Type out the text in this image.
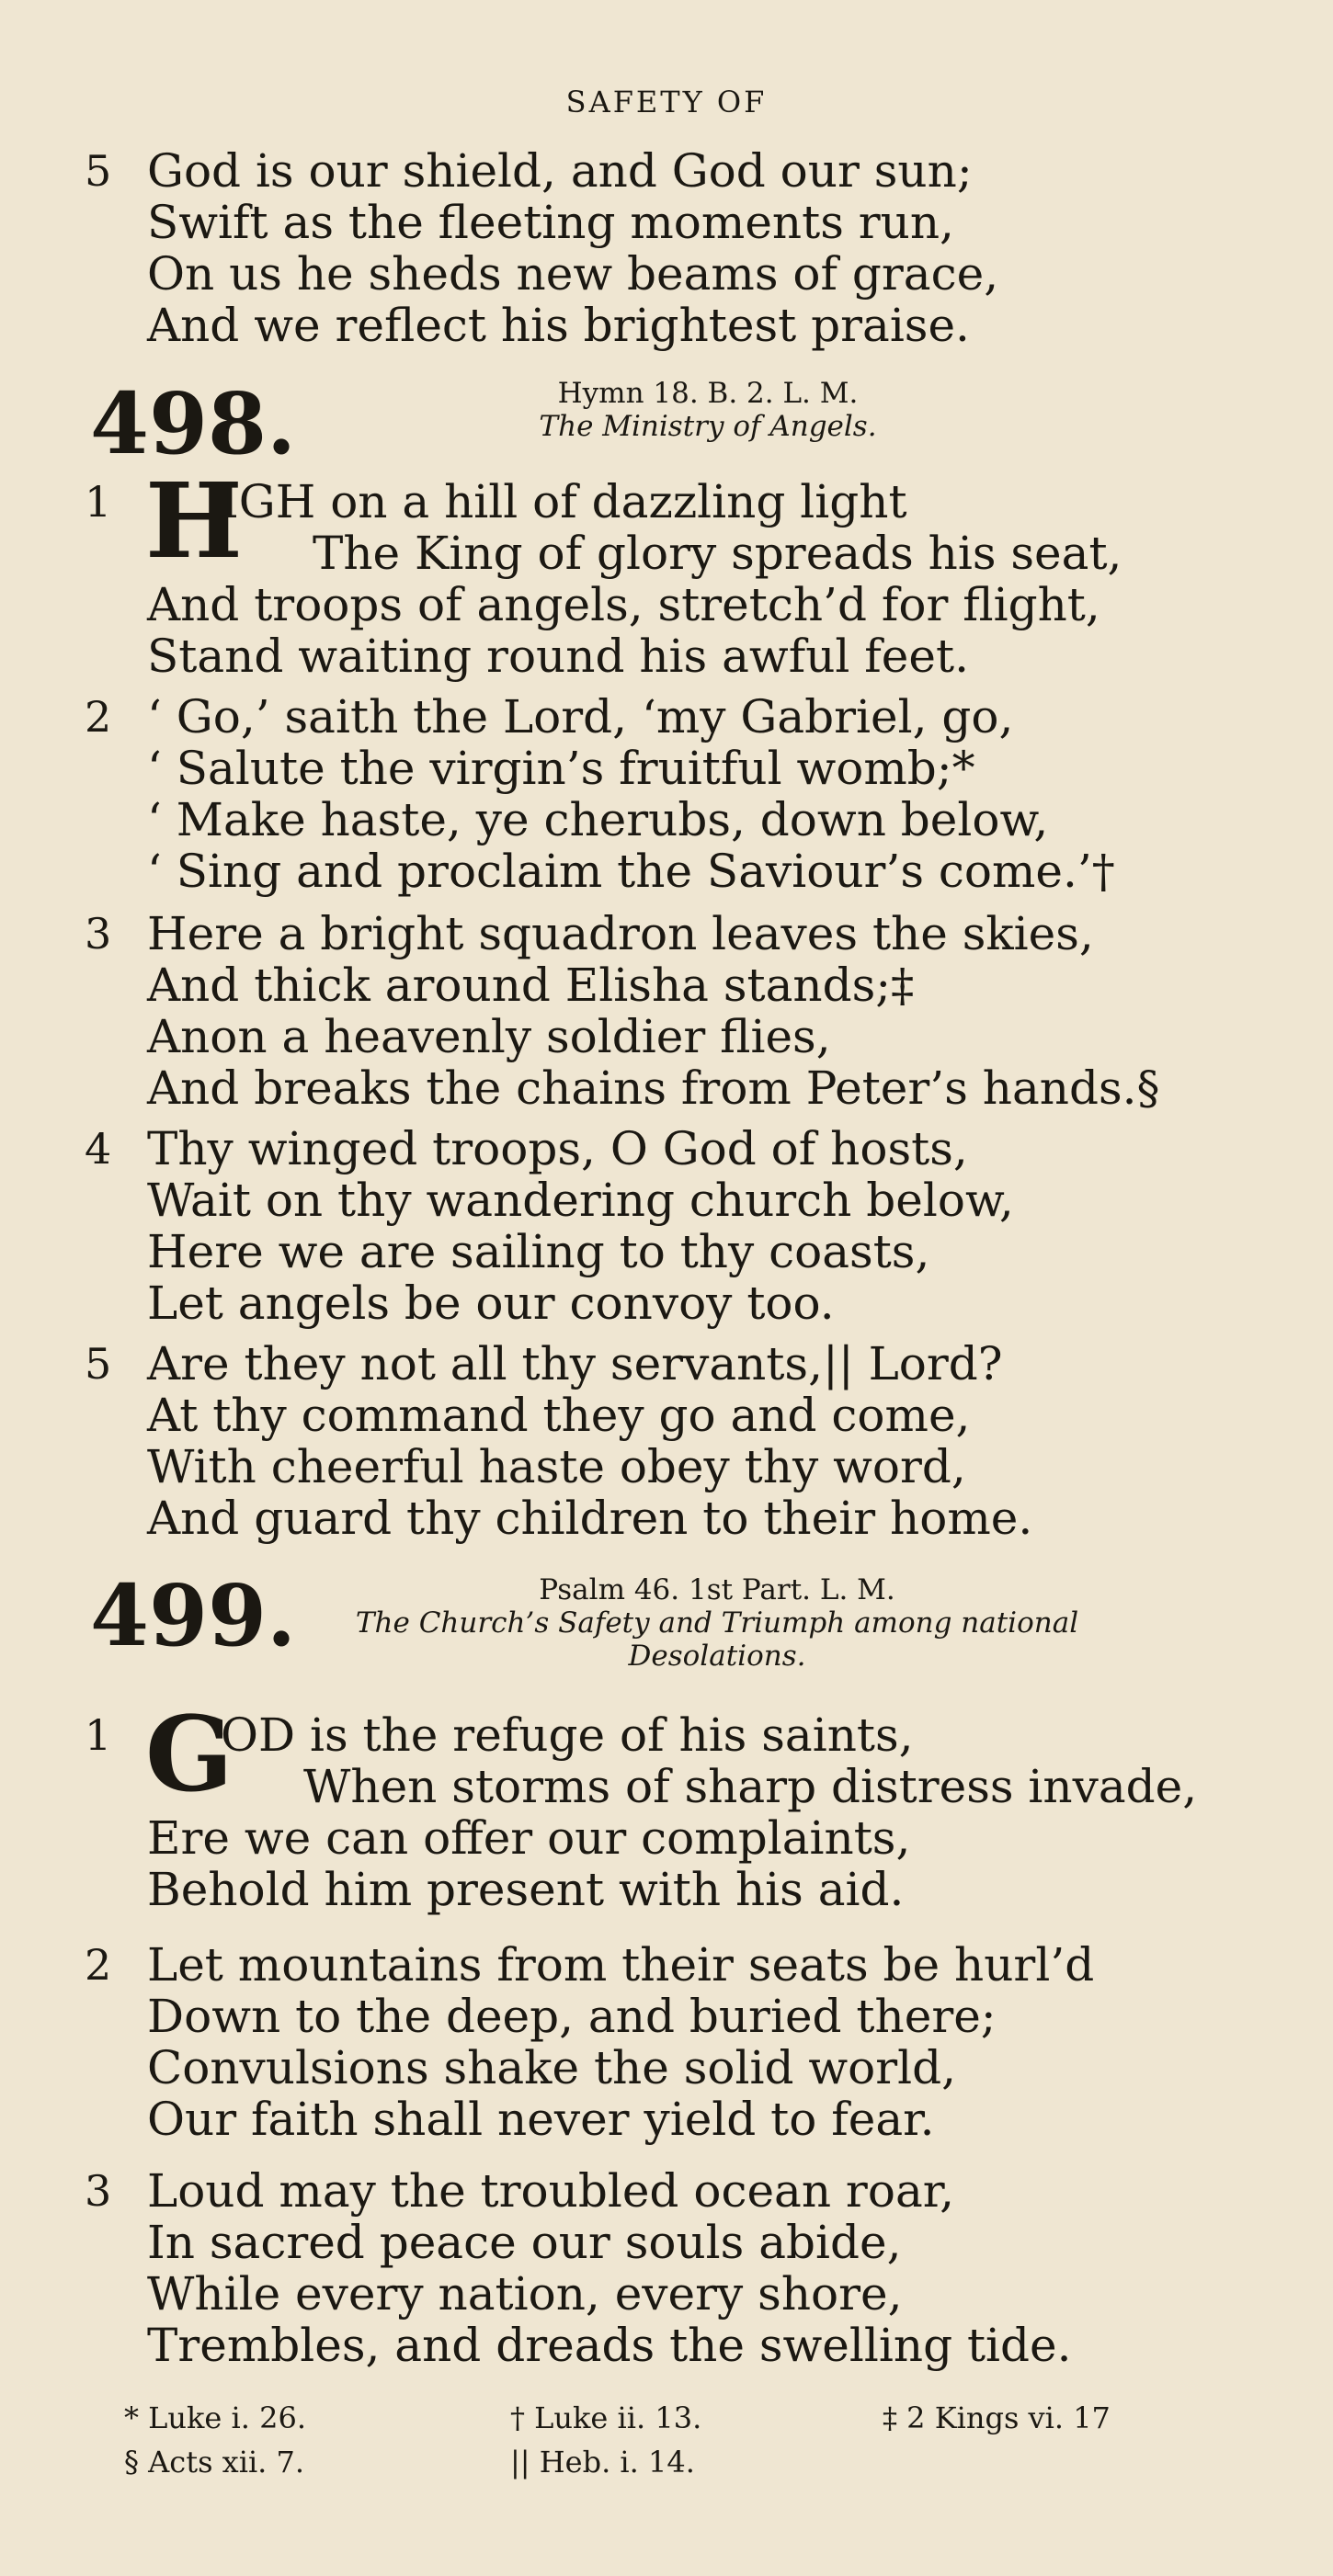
SAFETY OF
5 God is our shield, and God our sun;
Swift as the fleeting moments run,
On us he sheds new beams of grace,
And we reflect his brightest praise.
498.	Hymn 18. B. 2. L. M.
The Ministry of Angels.
1 H
IGH on a hill of dazzling light
The King of glory spreads his seat,
And troops of angels, stretch’d for flight,
Stand waiting round his awful feet.
2 ‘ Go,’ saith the Lord, ‘my Gabriel, go,
‘ Salute the virgin’s fruitful womb;*
‘ Make haste, ye cherubs, down below,
‘ Sing and proclaim the Saviour’s come.’†
3 Here a bright squadron leaves the skies,
And thick around Elisha stands;‡
Anon a heavenly soldier flies,
And breaks the chains from Peter’s hands.§
4 Thy winged troops, O God of hosts,
Wait on thy wandering church below,
Here we are sailing to thy coasts,
Let angels be our convoy too.
5 Are they not all thy servants,|| Lord?
At thy command they go and come,
With cheerful haste obey thy word,
And guard thy children to their home.
499.	Psalm 46. 1st Part. L. M.
The Church’s Safety and Triumph among national
Desolations.
1 G
OD is the refuge of his saints,
When storms of sharp distress invade,
Ere we can offer our complaints,
Behold him present with his aid.
2 Let mountains from their seats be hurl’d
Down to the deep, and buried there;
Convulsions shake the solid world,
Our faith shall never yield to fear.
3 Loud may the troubled ocean roar,
In sacred peace our souls abide,
While every nation, every shore,
Trembles, and dreads the swelling tide.
* Luke i. 26.	† Luke ii. 13.	‡ 2 Kings vi. 17
§ Acts xii. 7.	|| Heb. i. 14.
